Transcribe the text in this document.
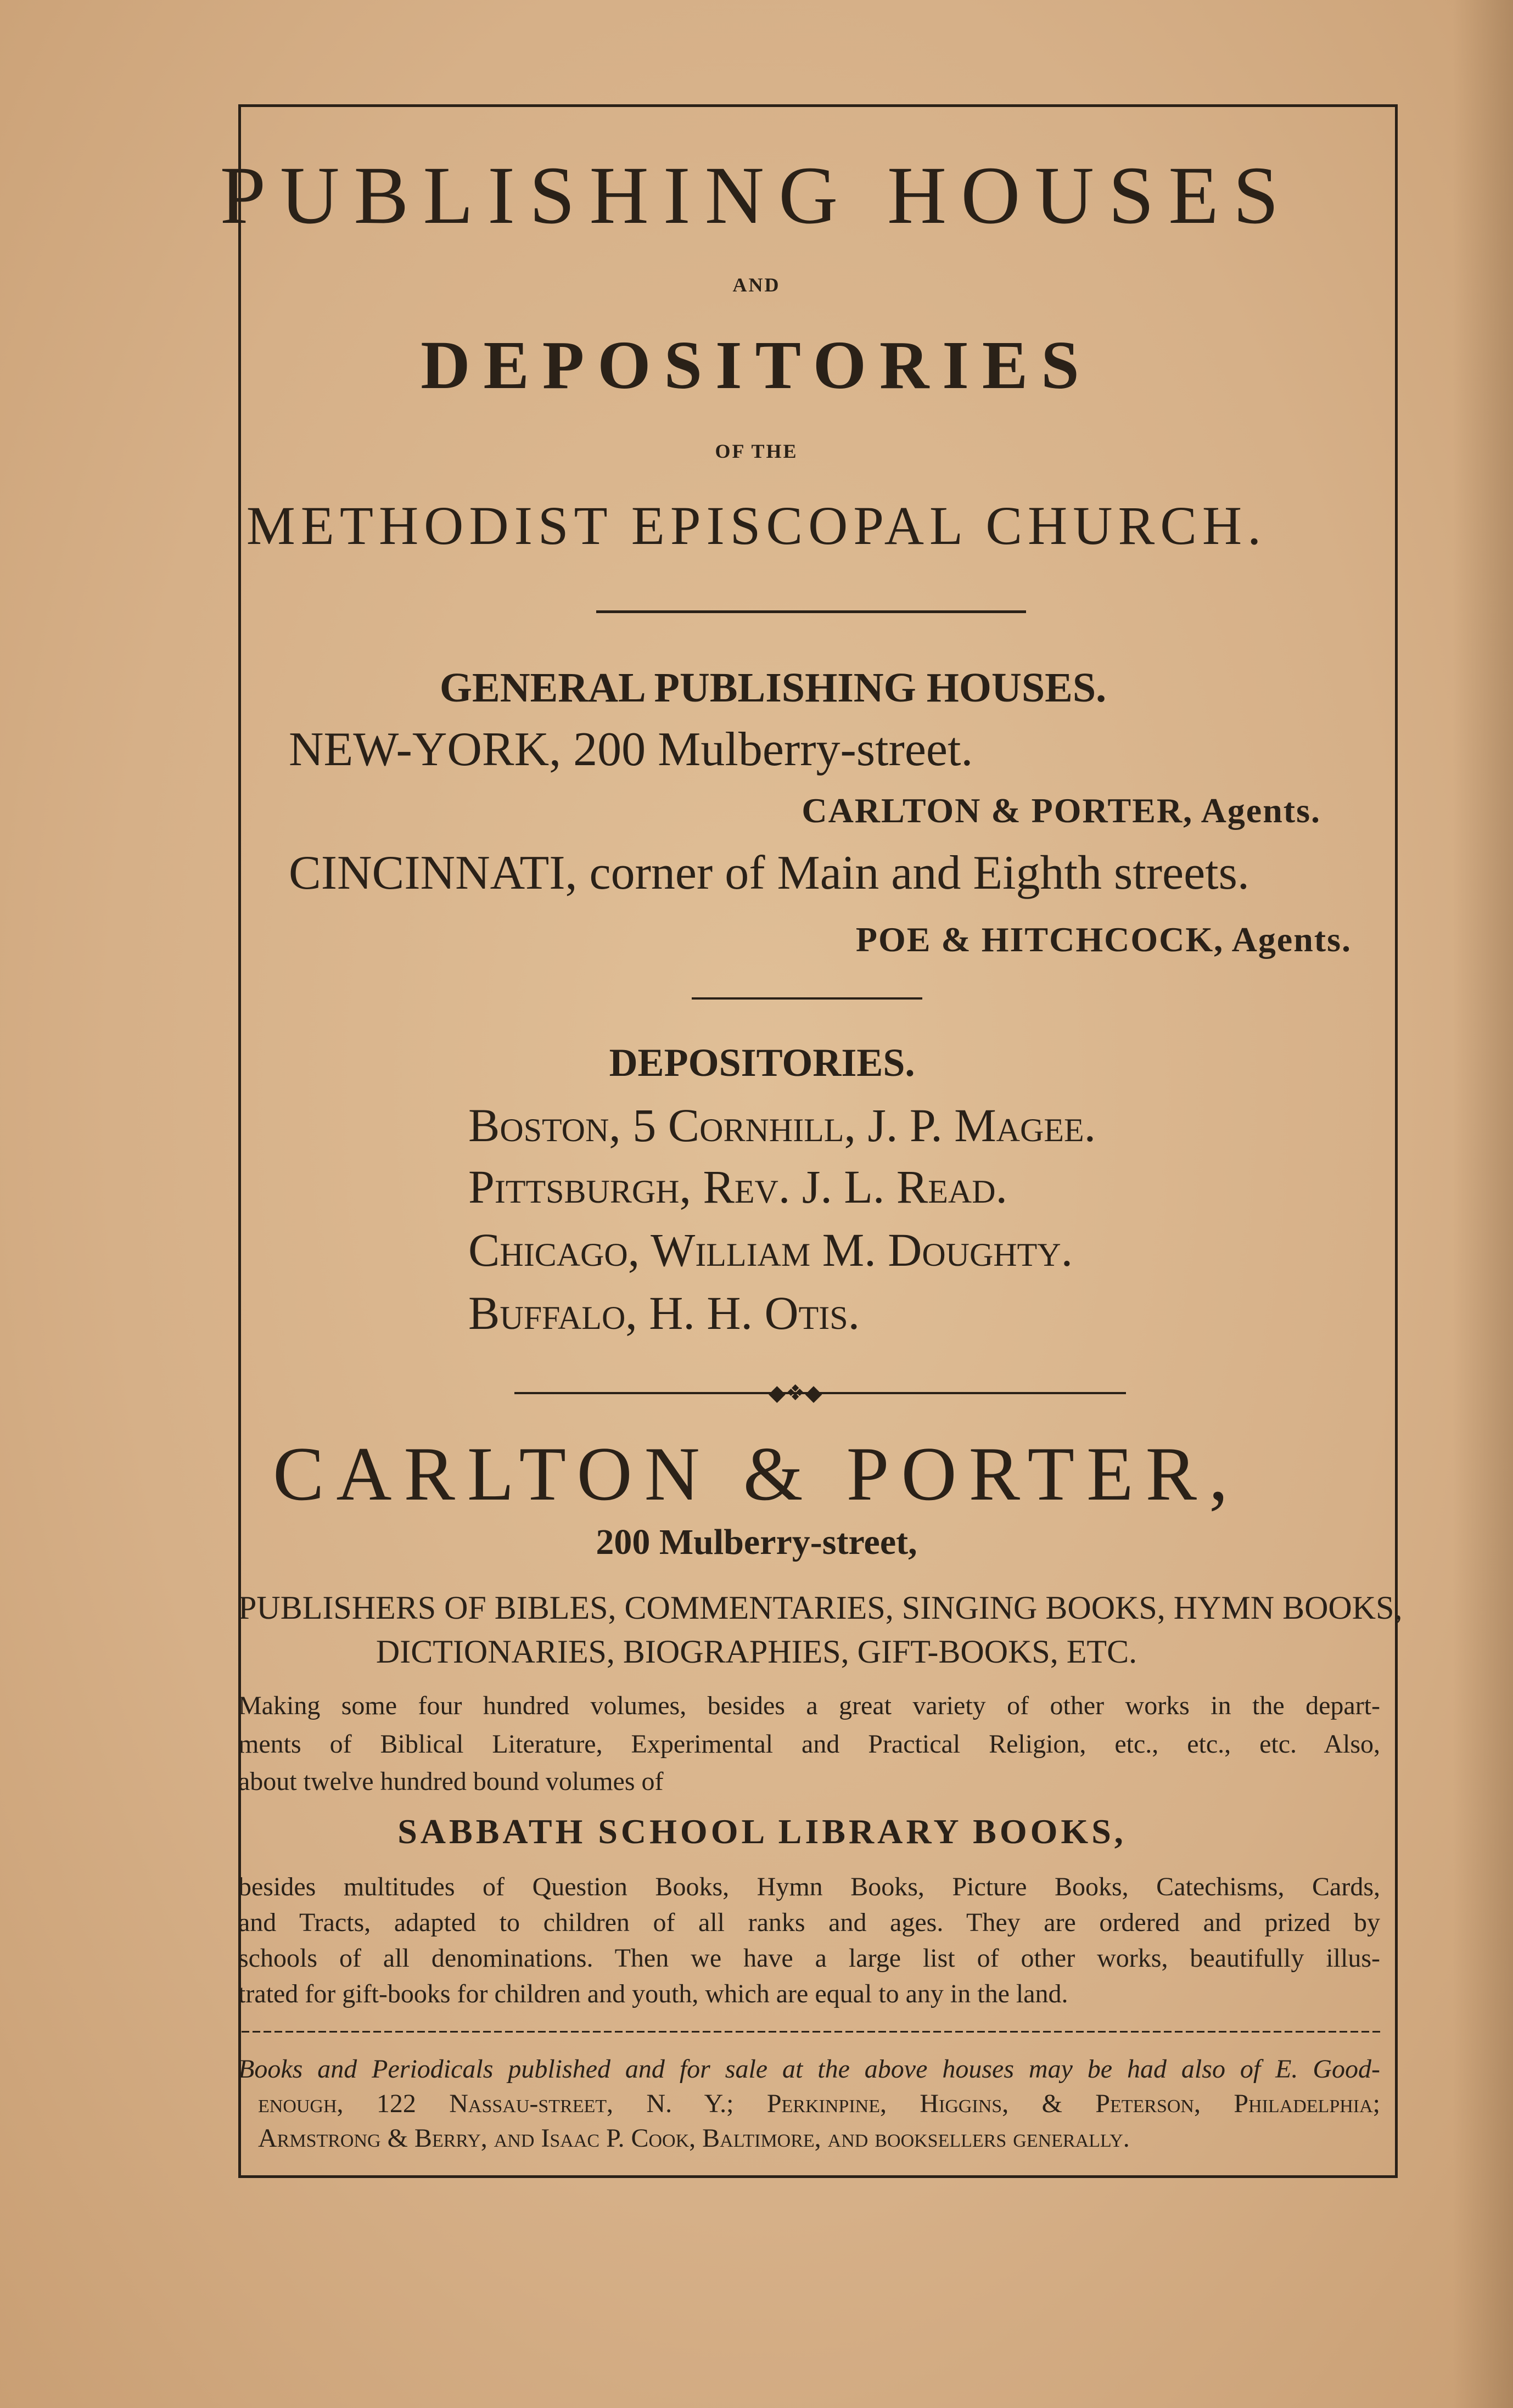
PUBLISHING HOUSES
AND
DEPOSITORIES
OF THE
METHODIST EPISCOPAL CHURCH.
GENERAL PUBLISHING HOUSES.
NEW-YORK, 200 Mulberry-street.
CARLTON & PORTER, Agents.
CINCINNATI, corner of Main and Eighth streets.
POE & HITCHCOCK, Agents.
DEPOSITORIES.
Boston, 5 Cornhill, J. P. Magee.
Pittsburgh, Rev. J. L. Read.
Chicago, William M. Doughty.
Buffalo, H. H. Otis.
◆❖◆
CARLTON & PORTER,
200 Mulberry-street,
PUBLISHERS OF BIBLES, COMMENTARIES, SINGING BOOKS, HYMN BOOKS,
DICTIONARIES, BIOGRAPHIES, GIFT-BOOKS, ETC.
Making some four hundred volumes, besides a great variety of other works in the depart-
ments of Biblical Literature, Experimental and Practical Religion, etc., etc., etc. Also,
about twelve hundred bound volumes of
SABBATH SCHOOL LIBRARY BOOKS,
besides multitudes of Question Books, Hymn Books, Picture Books, Catechisms, Cards,
and Tracts, adapted to children of all ranks and ages. They are ordered and prized by
schools of all denominations. Then we have a large list of other works, beautifully illus-
trated for gift-books for children and youth, which are equal to any in the land.
Books and Periodicals published and for sale at the above houses may be had also of E. Good-
enough, 122 Nassau-street, N. Y.; Perkinpine, Higgins, & Peterson, Philadelphia;
Armstrong & Berry, and Isaac P. Cook, Baltimore, and booksellers generally.
